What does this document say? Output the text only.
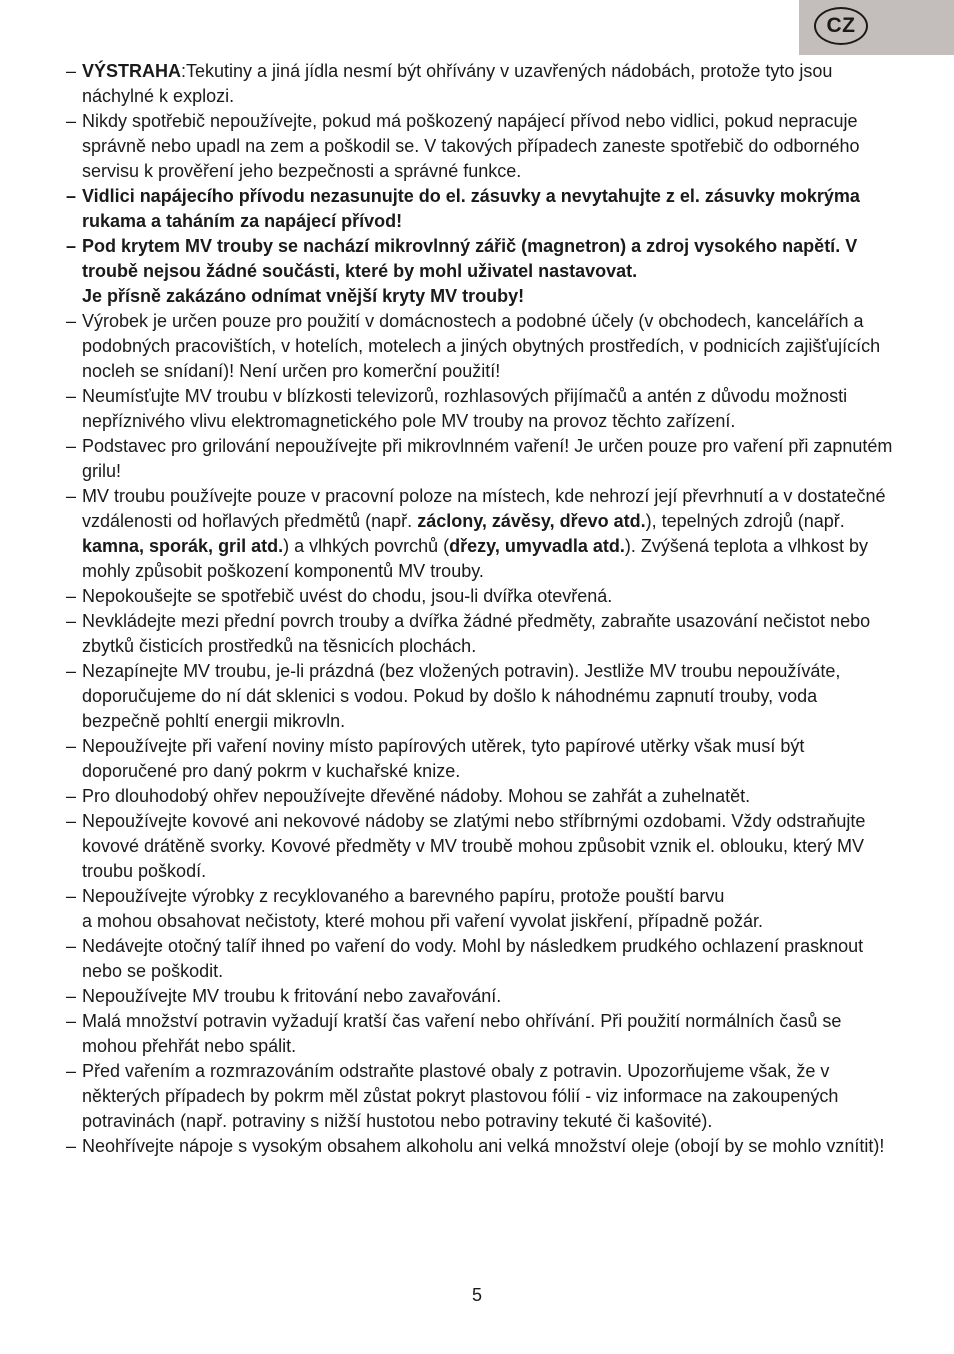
CZ
– VÝSTRAHA:Tekutiny a jiná jídla nesmí být ohřívány v uzavřených nádobách, protože tyto jsou náchylné k explozi.
– Nikdy spotřebič nepoužívejte, pokud má poškozený napájecí přívod nebo vidlici, pokud nepracuje správně nebo upadl na zem a poškodil se. V takových případech zaneste spotřebič do odborného servisu k prověření jeho bezpečnosti a správné funkce.
– Vidlici napájecího přívodu nezasunujte do el. zásuvky a nevytahujte z el. zásuvky mokrýma rukama a taháním za napájecí přívod!
– Pod krytem MV trouby se nachází mikrovlnný zářič (magnetron) a zdroj vysokého napětí. V troubě nejsou žádné součásti, které by mohl uživatel nastavovat.
Je přísně zakázáno odnímat vnější kryty MV trouby!
– Výrobek je určen pouze pro použití v domácnostech a podobné účely (v obchodech, kancelářích a podobných pracovištích, v hotelích, motelech a jiných obytných prostředích, v podnicích zajišťujících nocleh se snídaní)! Není určen pro komerční použití!
– Neumísťujte MV troubu v blízkosti televizorů, rozhlasových přijímačů a antén z důvodu možnosti nepříznivého vlivu elektromagnetického pole MV trouby na provoz těchto zařízení.
– Podstavec pro grilování nepoužívejte při mikrovlnném vaření! Je určen pouze pro vaření při zapnutém grilu!
– MV troubu používejte pouze v pracovní poloze na místech, kde nehrozí její převrhnutí a v dostatečné vzdálenosti od hořlavých předmětů (např. záclony, závěsy, dřevo atd.), tepelných zdrojů (např. kamna, sporák, gril atd.) a vlhkých povrchů (dřezy, umyvadla atd.). Zvýšená teplota a vlhkost by mohly způsobit poškození komponentů MV trouby.
– Nepokoušejte se spotřebič uvést do chodu, jsou-li dvířka otevřená.
– Nevkládejte mezi přední povrch trouby a dvířka žádné předměty, zabraňte usazování nečistot nebo zbytků čisticích prostředků na těsnicích plochách.
– Nezapínejte MV troubu, je-li prázdná (bez vložených potravin). Jestliže MV troubu nepoužíváte, doporučujeme do ní dát sklenici s vodou. Pokud by došlo k náhodnému zapnutí trouby, voda bezpečně pohltí energii mikrovln.
– Nepoužívejte při vaření noviny místo papírových utěrek, tyto papírové utěrky však musí být doporučené pro daný pokrm v kuchařské knize.
– Pro dlouhodobý ohřev nepoužívejte dřevěné nádoby. Mohou se zahřát a zuhelnatět.
– Nepoužívejte kovové ani nekovové nádoby se zlatými nebo stříbrnými ozdobami. Vždy odstraňujte kovové drátěně svorky. Kovové předměty v MV troubě mohou způsobit vznik el. oblouku, který MV troubu poškodí.
– Nepoužívejte výrobky z recyklovaného a barevného papíru, protože pouští barvu
a mohou obsahovat nečistoty, které mohou při vaření vyvolat jiskření, případně požár.
– Nedávejte otočný talíř ihned po vaření do vody. Mohl by následkem prudkého ochlazení prasknout nebo se poškodit.
– Nepoužívejte MV troubu k fritování nebo zavařování.
– Malá množství potravin vyžadují kratší čas vaření nebo ohřívání. Při použití normálních časů se mohou přehřát nebo spálit.
– Před vařením a rozmrazováním odstraňte plastové obaly z potravin. Upozorňujeme však, že v některých případech by pokrm měl zůstat pokryt plastovou fólií - viz informace na zakoupených potravinách (např. potraviny s nižší hustotou nebo potraviny tekuté či kašovité).
– Neohřívejte nápoje s vysokým obsahem alkoholu ani velká množství oleje (obojí by se mohlo vznítit)!
5
